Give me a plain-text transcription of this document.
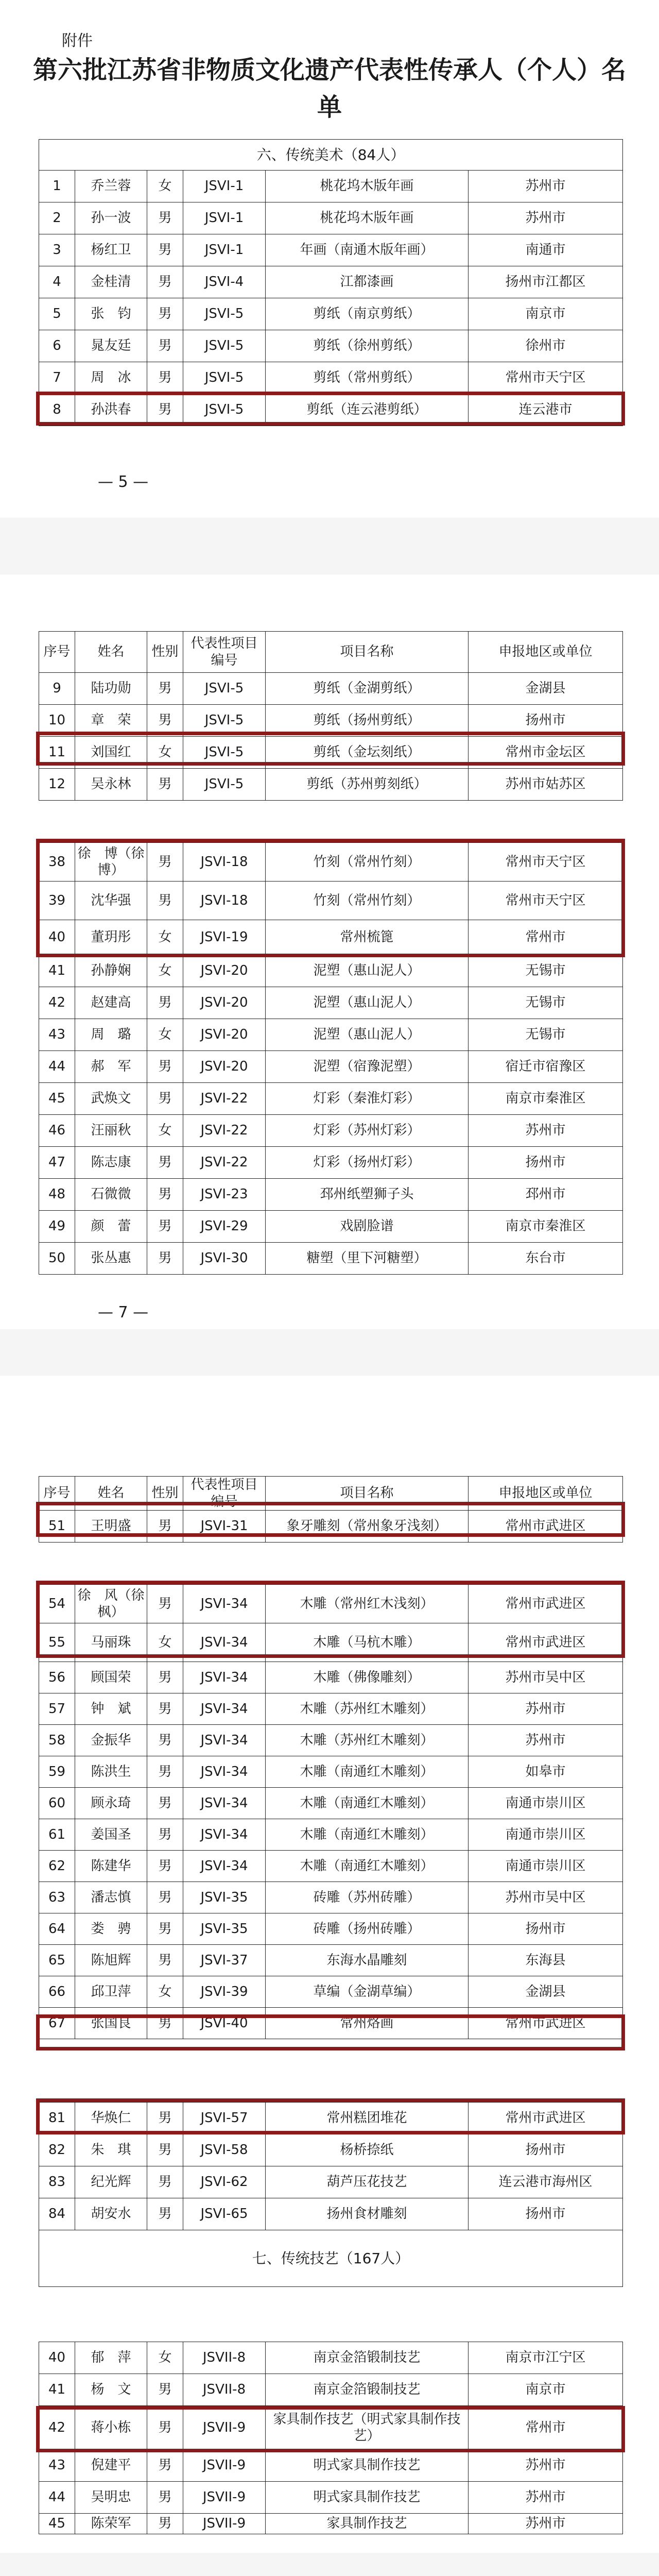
附件
第六批江苏省非物质文化遗产代表性传承人（个人）名单
六、传统美术（84人）					
1	乔兰蓉	女	JSVI-1	桃花坞木版年画	苏州市
2	孙一波	男	JSVI-1	桃花坞木版年画	苏州市
3	杨红卫	男	JSVI-1	年画（南通木版年画）	南通市
4	金桂清	男	JSVI-4	江都漆画	扬州市江都区
5	张　钧	男	JSVI-5	剪纸（南京剪纸）	南京市
6	晁友廷	男	JSVI-5	剪纸（徐州剪纸）	徐州市
7	周　冰	男	JSVI-5	剪纸（常州剪纸）	常州市天宁区
8	孙洪春	男	JSVI-5	剪纸（连云港剪纸）	连云港市
— 5 —
序号	姓名	性别	代表性项目编号	项目名称	申报地区或单位
9	陆功勋	男	JSVI-5	剪纸（金湖剪纸）	金湖县
10	章　荣	男	JSVI-5	剪纸（扬州剪纸）	扬州市
11	刘国红	女	JSVI-5	剪纸（金坛刻纸）	常州市金坛区
12	吴永林	男	JSVI-5	剪纸（苏州剪刻纸）	苏州市姑苏区
38	徐　博（徐博）	男	JSVI-18	竹刻（常州竹刻）	常州市天宁区
39	沈华强	男	JSVI-18	竹刻（常州竹刻）	常州市天宁区
40	董玥彤	女	JSVI-19	常州梳篦	常州市
41	孙静娴	女	JSVI-20	泥塑（惠山泥人）	无锡市
42	赵建高	男	JSVI-20	泥塑（惠山泥人）	无锡市
43	周　璐	女	JSVI-20	泥塑（惠山泥人）	无锡市
44	郝　军	男	JSVI-20	泥塑（宿豫泥塑）	宿迁市宿豫区
45	武焕文	男	JSVI-22	灯彩（秦淮灯彩）	南京市秦淮区
46	汪丽秋	女	JSVI-22	灯彩（苏州灯彩）	苏州市
47	陈志康	男	JSVI-22	灯彩（扬州灯彩）	扬州市
48	石微微	男	JSVI-23	邳州纸塑狮子头	邳州市
49	颜　蕾	男	JSVI-29	戏剧脸谱	南京市秦淮区
50	张丛惠	男	JSVI-30	糖塑（里下河糖塑）	东台市
— 7 —
序号	姓名	性别	代表性项目编号	项目名称	申报地区或单位
51	王明盛	男	JSVI-31	象牙雕刻（常州象牙浅刻）	常州市武进区
54	徐　风（徐枫）	男	JSVI-34	木雕（常州红木浅刻）	常州市武进区
55	马丽珠	女	JSVI-34	木雕（马杭木雕）	常州市武进区
56	顾国荣	男	JSVI-34	木雕（佛像雕刻）	苏州市吴中区
57	钟　斌	男	JSVI-34	木雕（苏州红木雕刻）	苏州市
58	金振华	男	JSVI-34	木雕（苏州红木雕刻）	苏州市
59	陈洪生	男	JSVI-34	木雕（南通红木雕刻）	如皋市
60	顾永琦	男	JSVI-34	木雕（南通红木雕刻）	南通市崇川区
61	姜国圣	男	JSVI-34	木雕（南通红木雕刻）	南通市崇川区
62	陈建华	男	JSVI-34	木雕（南通红木雕刻）	南通市崇川区
63	潘志慎	男	JSVI-35	砖雕（苏州砖雕）	苏州市吴中区
64	娄　骋	男	JSVI-35	砖雕（扬州砖雕）	扬州市
65	陈旭辉	男	JSVI-37	东海水晶雕刻	东海县
66	邱卫萍	女	JSVI-39	草编（金湖草编）	金湖县
67	张国良	男	JSVI-40	常州烙画	常州市武进区
81	华焕仁	男	JSVI-57	常州糕团堆花	常州市武进区
82	朱　琪	男	JSVI-58	杨桥捺纸	扬州市
83	纪光辉	男	JSVI-62	葫芦压花技艺	连云港市海州区
84	胡安水	男	JSVI-65	扬州食材雕刻	扬州市
七、传统技艺（167人）					
40	郁　萍	女	JSVII-8	南京金箔锻制技艺	南京市江宁区
41	杨　文	男	JSVII-8	南京金箔锻制技艺	南京市
42	蒋小栋	男	JSVII-9	家具制作技艺（明式家具制作技艺）	常州市
43	倪建平	男	JSVII-9	明式家具制作技艺	苏州市
44	吴明忠	男	JSVII-9	明式家具制作技艺	苏州市
45	陈荣军	男	JSVII-9	家具制作技艺	苏州市
